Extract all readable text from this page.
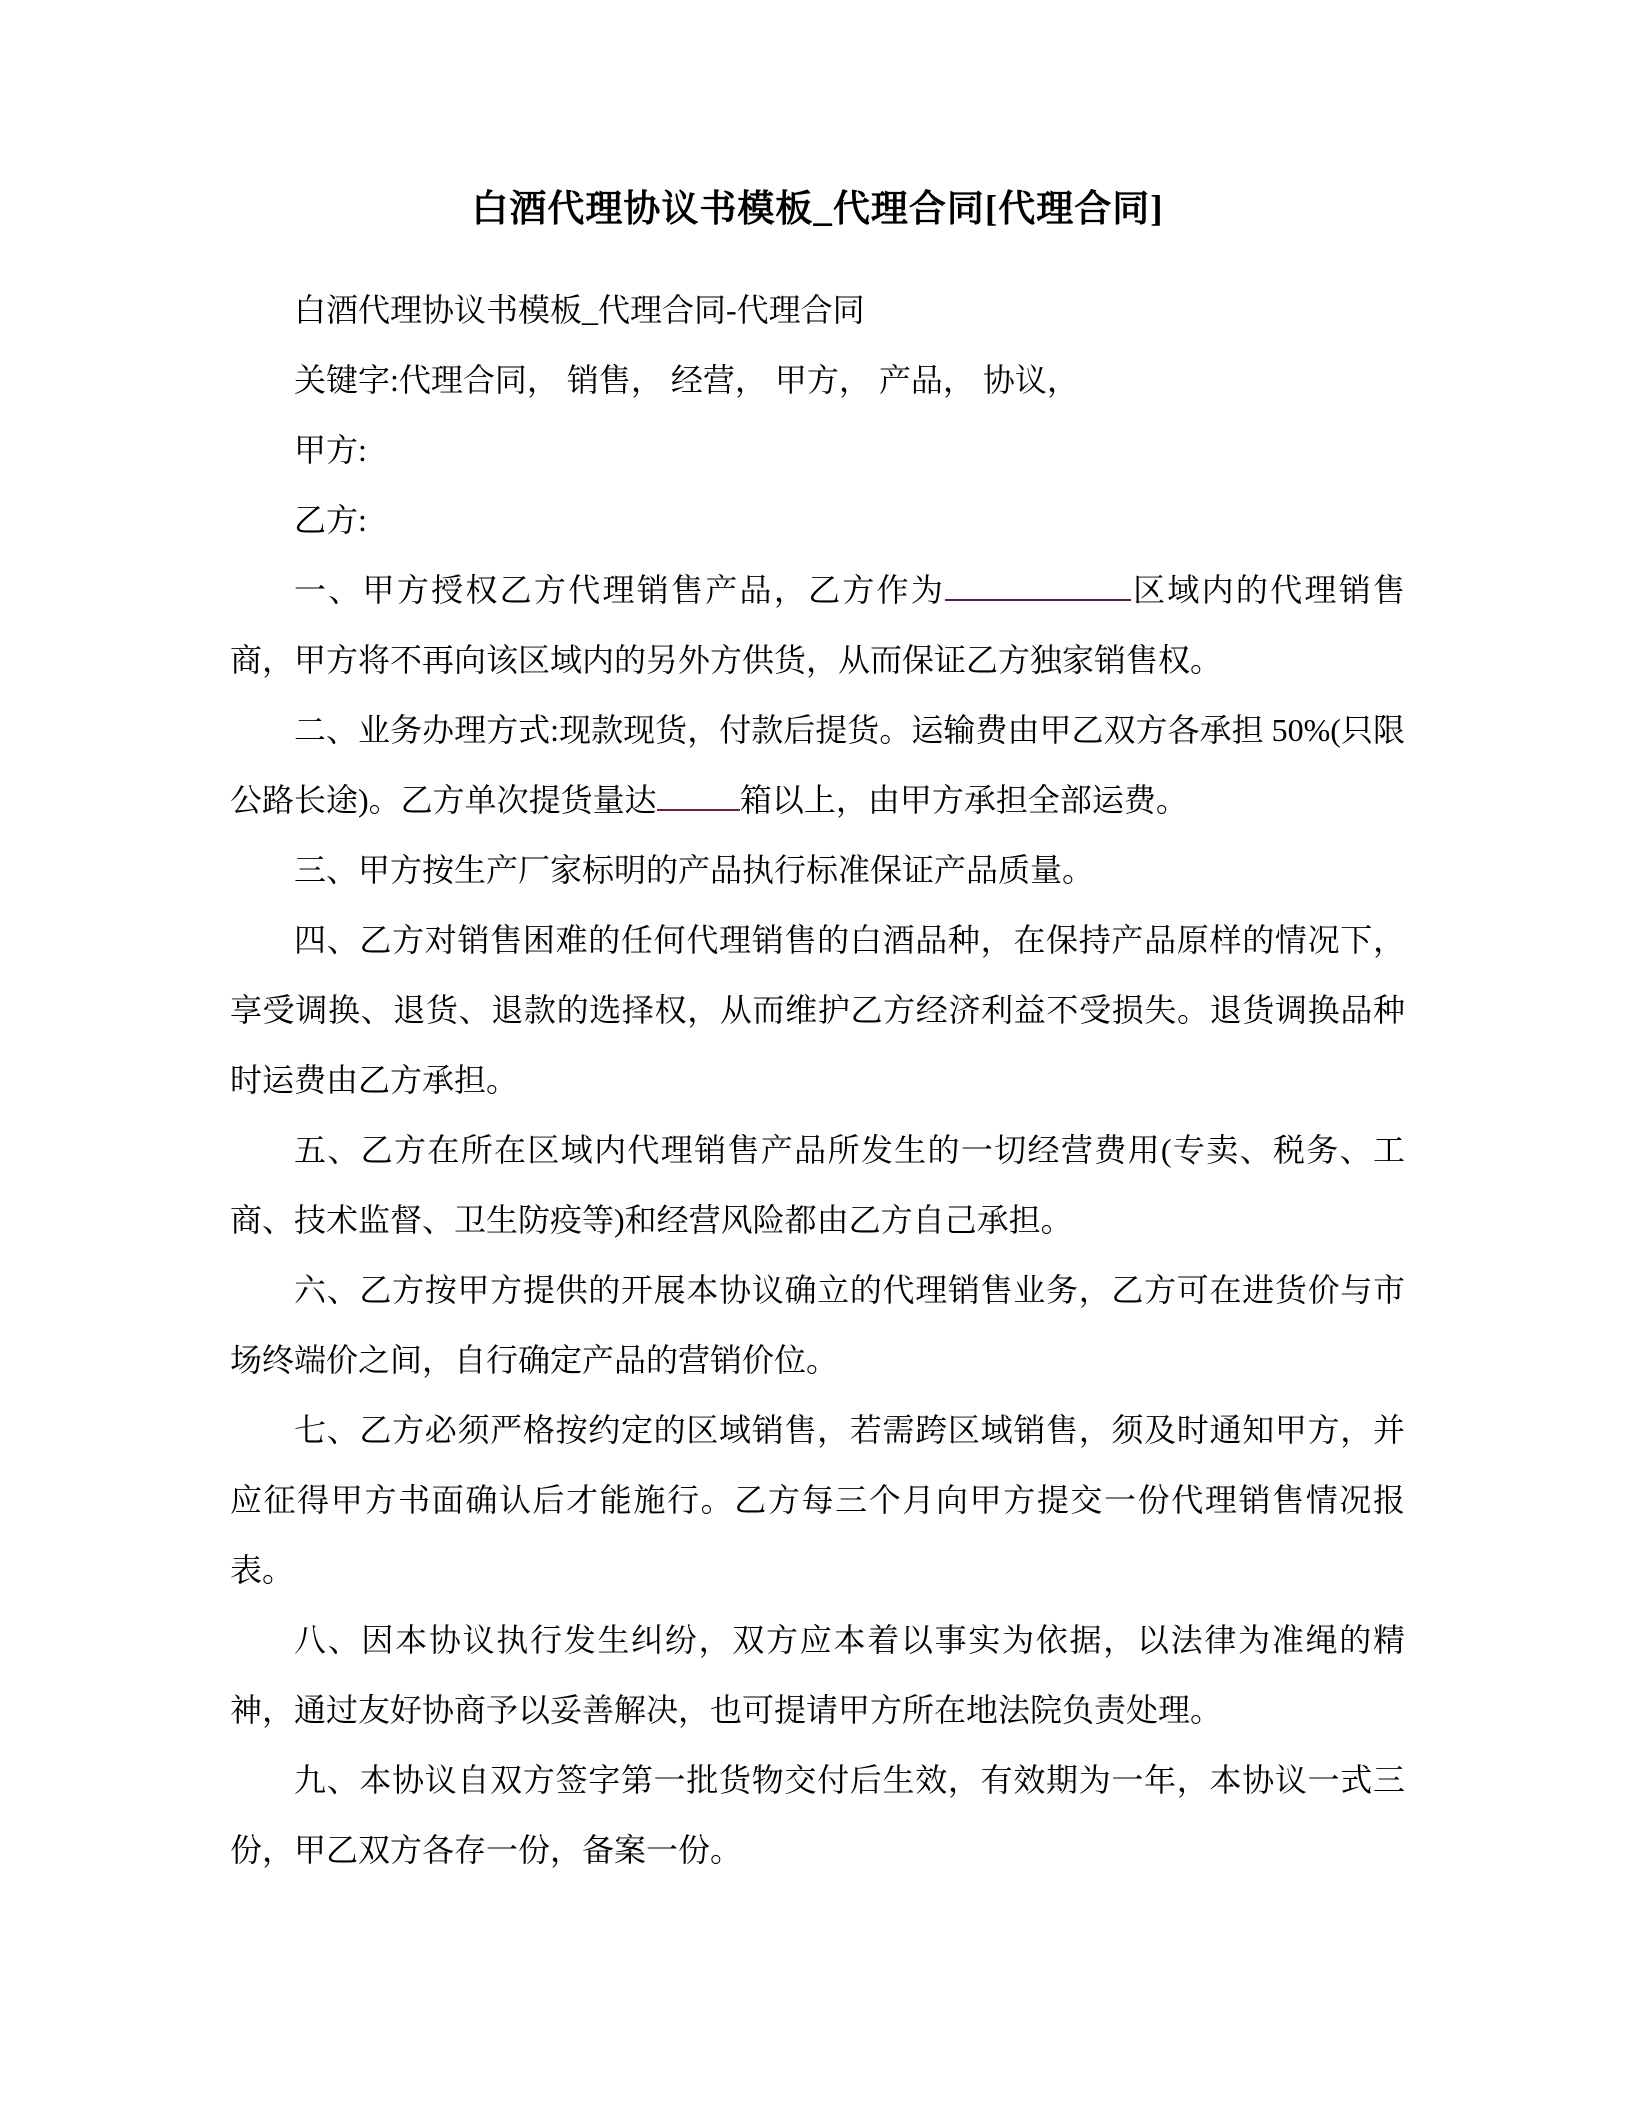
白酒代理协议书模板_代理合同[代理合同]

白酒代理协议书模板_代理合同-代理合同

关键字:代理合同， 销售， 经营， 甲方， 产品， 协议，

甲方:

乙方:

一、甲方授权乙方代理销售产品，乙方作为	区域内的代理销售商，甲方将不再向该区域内的另外方供货，从而保证乙方独家销售权。

二、业务办理方式:现款现货，付款后提货。运输费由甲乙双方各承担 50%(只限公路长途)。乙方单次提货量达	箱以上，由甲方承担全部运费。

三、甲方按生产厂家标明的产品执行标准保证产品质量。

四、乙方对销售困难的任何代理销售的白酒品种，在保持产品原样的情况下，享受调换、退货、退款的选择权，从而维护乙方经济利益不受损失。退货调换品种时运费由乙方承担。

五、乙方在所在区域内代理销售产品所发生的一切经营费用(专卖、税务、工商、技术监督、卫生防疫等)和经营风险都由乙方自己承担。

六、乙方按甲方提供的开展本协议确立的代理销售业务，乙方可在进货价与市场终端价之间，自行确定产品的营销价位。

七、乙方必须严格按约定的区域销售，若需跨区域销售，须及时通知甲方，并应征得甲方书面确认后才能施行。乙方每三个月向甲方提交一份代理销售情况报表。

八、因本协议执行发生纠纷，双方应本着以事实为依据，以法律为准绳的精神，通过友好协商予以妥善解决，也可提请甲方所在地法院负责处理。

九、本协议自双方签字第一批货物交付后生效，有效期为一年，本协议一式三份，甲乙双方各存一份，备案一份。
